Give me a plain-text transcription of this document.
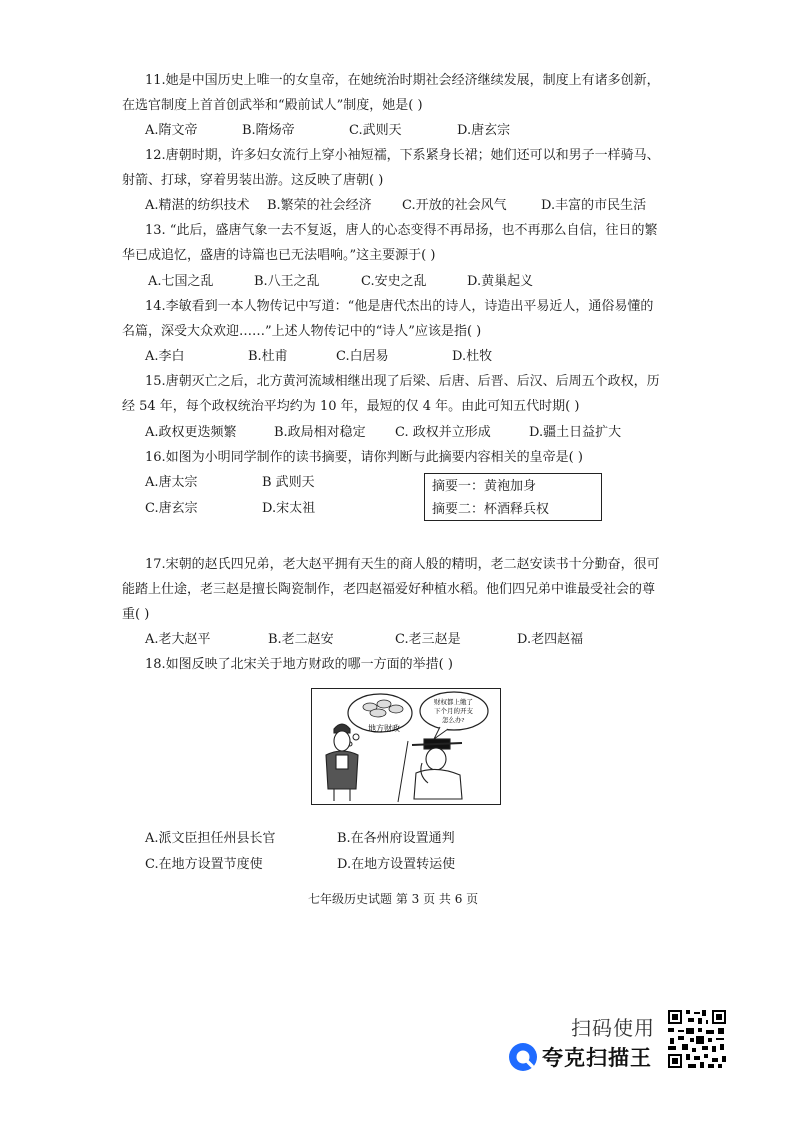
11.她是中国历史上唯一的女皇帝，在她统治时期社会经济继续发展，制度上有诸多创新，
在选官制度上首首创武举和“殿前试人”制度，她是( )
A.隋文帝	B.隋炀帝	C.武则天	D.唐玄宗
12.唐朝时期，许多妇女流行上穿小袖短襦，下系紧身长裙；她们还可以和男子一样骑马、
射箭、打球，穿着男装出游。这反映了唐朝( )
A.精湛的纺织技术 B.繁荣的社会经济 C.开放的社会风气	D.丰富的市民生活
13. “此后，盛唐气象一去不复返，唐人的心态变得不再昂扬，也不再那么自信，往日的繁
华已成追忆，盛唐的诗篇也已无法唱响。”这主要源于( )
A.七国之乱	B.八王之乱	C.安史之乱	D.黄巢起义
14.李敏看到一本人物传记中写道：“他是唐代杰出的诗人，诗造出平易近人，通俗易懂的
名篇，深受大众欢迎……”上述人物传记中的“诗人”应该是指( )
A.李白	B.杜甫	C.白居易	D.杜牧
15.唐朝灭亡之后，北方黄河流域相继出现了后梁、后唐、后晋、后汉、后周五个政权，历
经 54 年，每个政权统治平均约为 10 年，最短的仅 4 年。由此可知五代时期( )
A.政权更迭频繁	B.政局相对稳定 C. 政权并立形成	D.疆土日益扩大
16.如图为小明同学制作的读书摘要，请你判断与此摘要内容相关的皇帝是( )
A.唐太宗	B 武则天
C.唐玄宗	D.宋太祖
摘要一：黄袍加身
摘要二：杯酒释兵权
17.宋朝的赵氏四兄弟，老大赵平拥有天生的商人般的精明，老二赵安读书十分勤奋，很可
能踏上仕途，老三赵是擅长陶瓷制作，老四赵福爱好种植水稻。他们四兄弟中谁最受社会的尊
重( )
A.老大赵平	B.老二赵安	C.老三赵是	D.老四赵福
18.如图反映了北宋关于地方财政的哪一方面的举措( )
地方财政
财权都上缴了
下个月的开支
怎么办?
A.派文臣担任州县长官	B.在各州府设置通判
C.在地方设置节度使	D.在地方设置转运使
七年级历史试题 第 3 页 共 6 页
扫码使用
夸克扫描王
